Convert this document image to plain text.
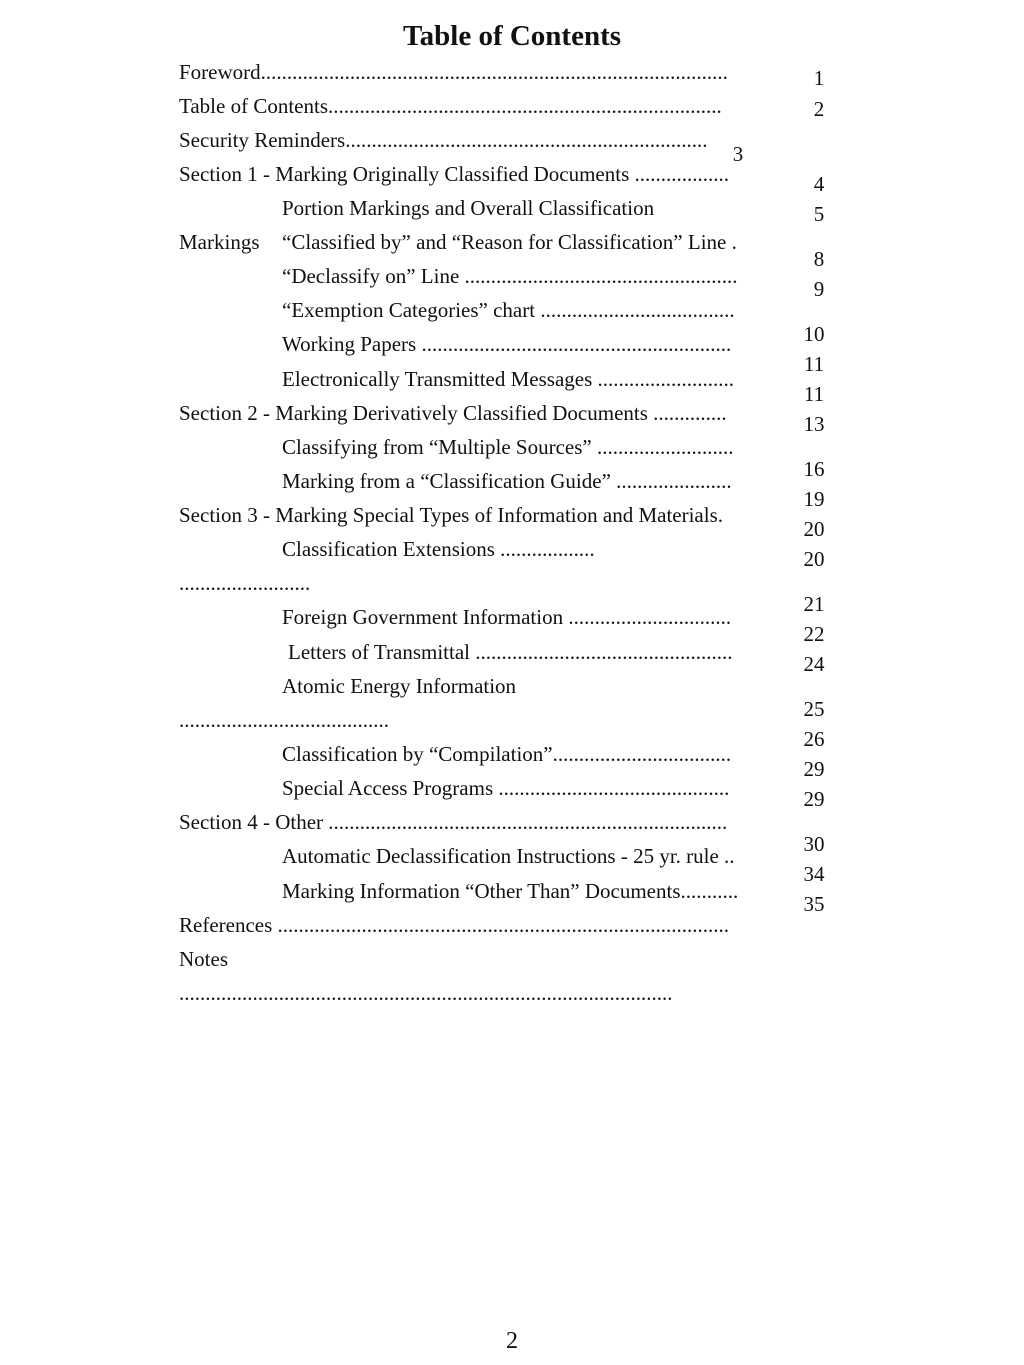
Table of Contents
Foreword.........................................................................................
Table of Contents...........................................................................
Security Reminders.....................................................................
Section 1 - Marking Originally Classified Documents ..................
Portion Markings and Overall Classification
Markings “Classified by” and “Reason for Classification” Line .
“Declassify on” Line ....................................................
“Exemption Categories” chart .....................................
Working Papers ...........................................................
Electronically Transmitted Messages ..........................
Section 2 - Marking Derivatively Classified Documents ..............
Classifying from “Multiple Sources” ..........................
Marking from a “Classification Guide” ......................
Section 3 - Marking Special Types of Information and Materials.
Classification Extensions ..................
.........................
Foreign Government Information ...............................
Letters of Transmittal .................................................
Atomic Energy Information
........................................
Classification by “Compilation”..................................
Special Access Programs ............................................
Section 4 - Other ............................................................................
Automatic Declassification Instructions - 25 yr. rule ..
Marking Information “Other Than” Documents...........
References ......................................................................................
Notes
..............................................................................................
1
2
3
4
5
8
9
10
11
11
13
16
19
20
20
21
22
24
25
26
29
29
30
34
35
2
